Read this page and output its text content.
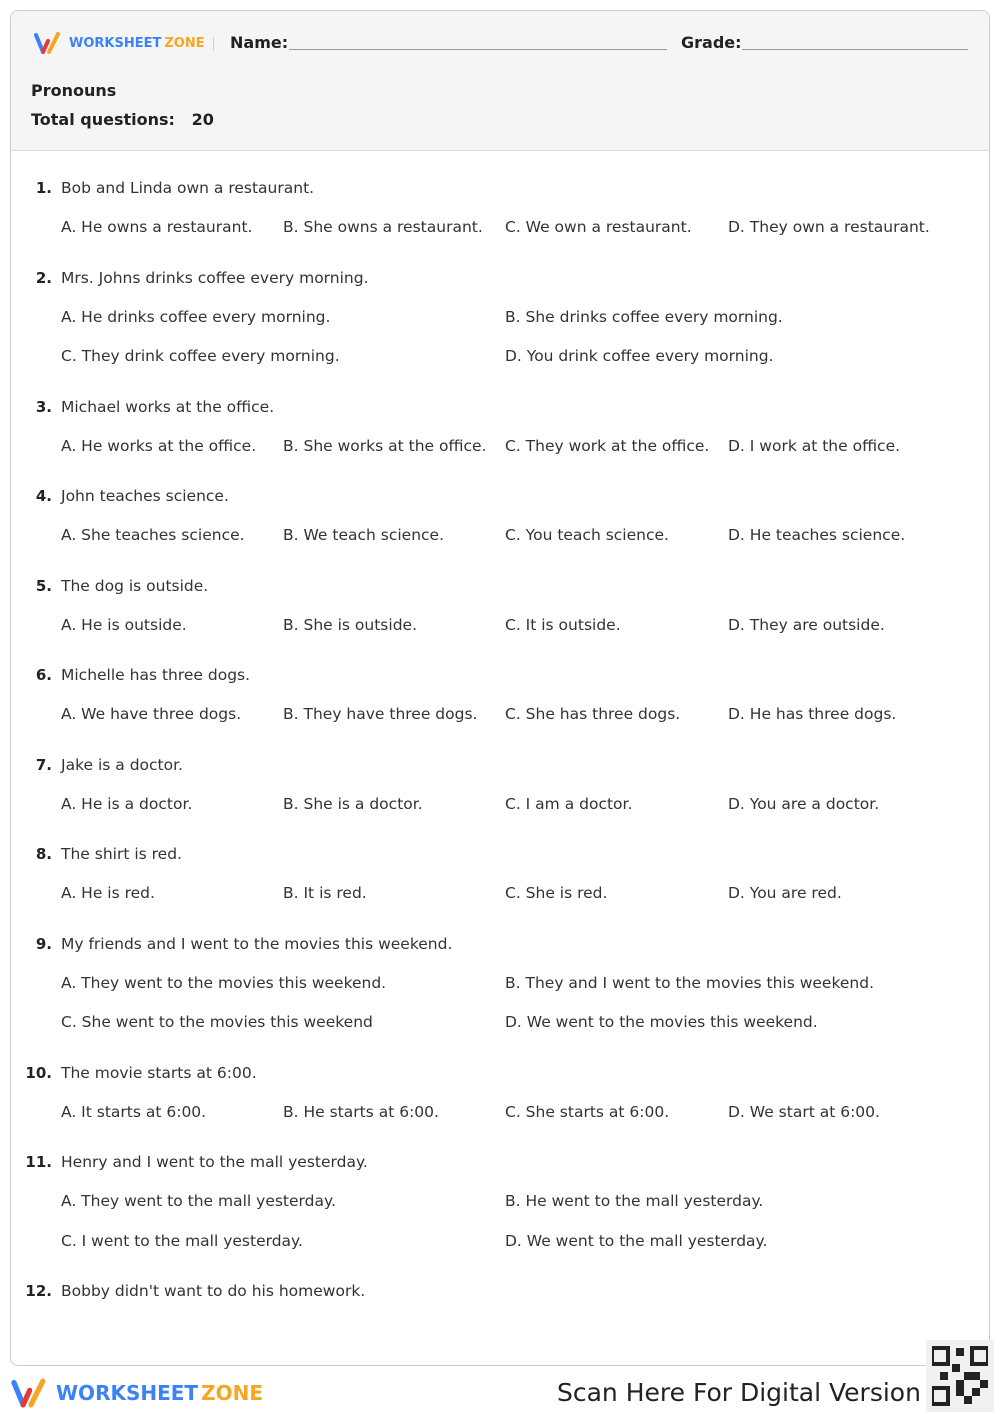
WORKSHEET ZONE Name:	Grade:
Pronouns
Total questions: 20
1. Bob and Linda own a restaurant.
A. He owns a restaurant. B. She owns a restaurant. C. We own a restaurant. D. They own a restaurant.
2. Mrs. Johns drinks coffee every morning.
A. He drinks coffee every morning.	B. She drinks coffee every morning.
C. They drink coffee every morning.	D. You drink coffee every morning.
3. Michael works at the office.
A. He works at the office. B. She works at the office. C. They work at the office. D. I work at the office.
4. John teaches science.
A. She teaches science. B. We teach science.	C. You teach science.	D. He teaches science.
5. The dog is outside.
A. He is outside.	B. She is outside.	C. It is outside.	D. They are outside.
6. Michelle has three dogs.
A. We have three dogs.	B. They have three dogs. C. She has three dogs.	D. He has three dogs.
7. Jake is a doctor.
A. He is a doctor.	B. She is a doctor.	C. I am a doctor.	D. You are a doctor.
8. The shirt is red.
A. He is red.	B. It is red.	C. She is red.	D. You are red.
9. My friends and I went to the movies this weekend.
A. They went to the movies this weekend.	B. They and I went to the movies this weekend.
C. She went to the movies this weekend	D. We went to the movies this weekend.
10. The movie starts at 6:00.
A. It starts at 6:00.	B. He starts at 6:00.	C. She starts at 6:00.	D. We start at 6:00.
11. Henry and I went to the mall yesterday.
A. They went to the mall yesterday.	B. He went to the mall yesterday.
C. I went to the mall yesterday.	D. We went to the mall yesterday.
12. Bobby didn't want to do his homework.
WORKSHEET ZONE	Scan Here For Digital Version
